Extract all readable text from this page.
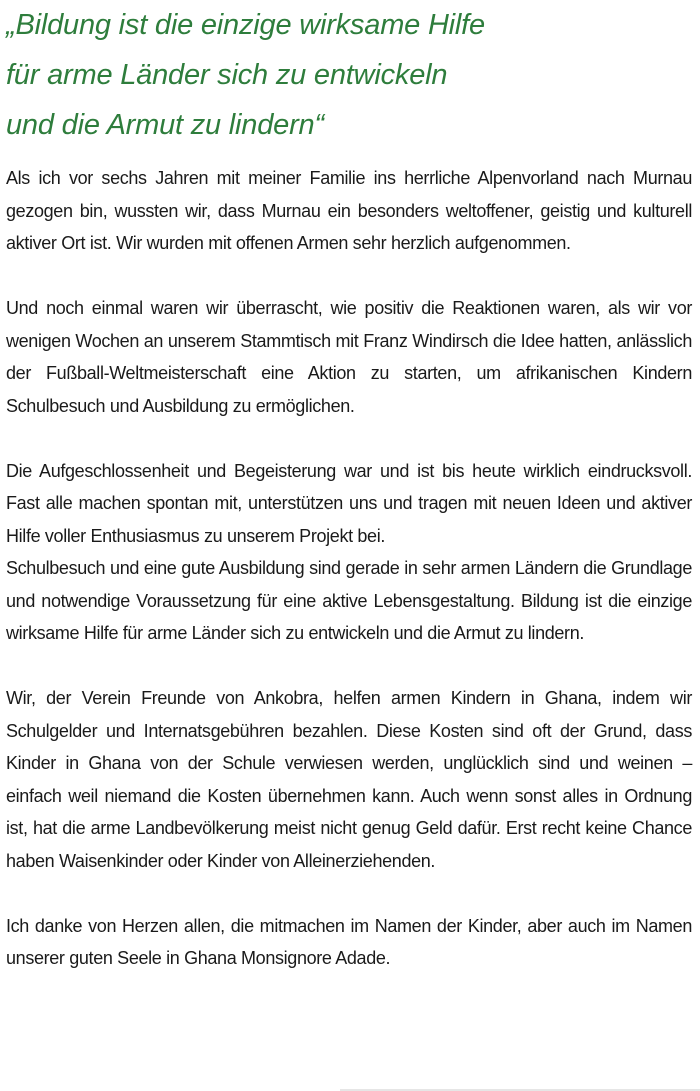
„Bildung ist die einzige wirksame Hilfe
für arme Länder sich zu entwickeln
und die Armut zu lindern“

Als ich vor sechs Jahren mit meiner Familie ins herrliche Alpenvorland nach Murnau gezogen bin, wussten wir, dass Murnau ein besonders weltoffener, geistig und kulturell aktiver Ort ist. Wir wurden mit offenen Armen sehr herzlich aufgenommen.

Und noch einmal waren wir überrascht, wie positiv die Reaktionen waren, als wir vor wenigen Wochen an unserem Stammtisch mit Franz Windirsch die Idee hatten, anlässlich der Fußball-Weltmeisterschaft eine Aktion zu starten, um afrikanischen Kindern Schulbesuch und Ausbildung zu ermöglichen.

Die Aufgeschlossenheit und Begeisterung war und ist bis heute wirklich eindrucksvoll. Fast alle machen spontan mit, unterstützen uns und tragen mit neuen Ideen und aktiver Hilfe voller Enthusiasmus zu unserem Projekt bei.

Schulbesuch und eine gute Ausbildung sind gerade in sehr armen Ländern die Grundlage und notwendige Voraussetzung für eine aktive Lebensgestaltung. Bildung ist die einzige wirksame Hilfe für arme Länder sich zu entwickeln und die Armut zu lindern.

Wir, der Verein Freunde von Ankobra, helfen armen Kindern in Ghana, indem wir Schulgelder und Internatsgebühren bezahlen. Diese Kosten sind oft der Grund, dass Kinder in Ghana von der Schule verwiesen werden, unglücklich sind und weinen – einfach weil niemand die Kosten übernehmen kann. Auch wenn sonst alles in Ordnung ist, hat die arme Landbevölkerung meist nicht genug Geld dafür. Erst recht keine Chance haben Waisenkinder oder Kinder von Alleinerziehenden.

Ich danke von Herzen allen, die mitmachen im Namen der Kinder, aber auch im Namen unserer guten Seele in Ghana Monsignore Adade.
